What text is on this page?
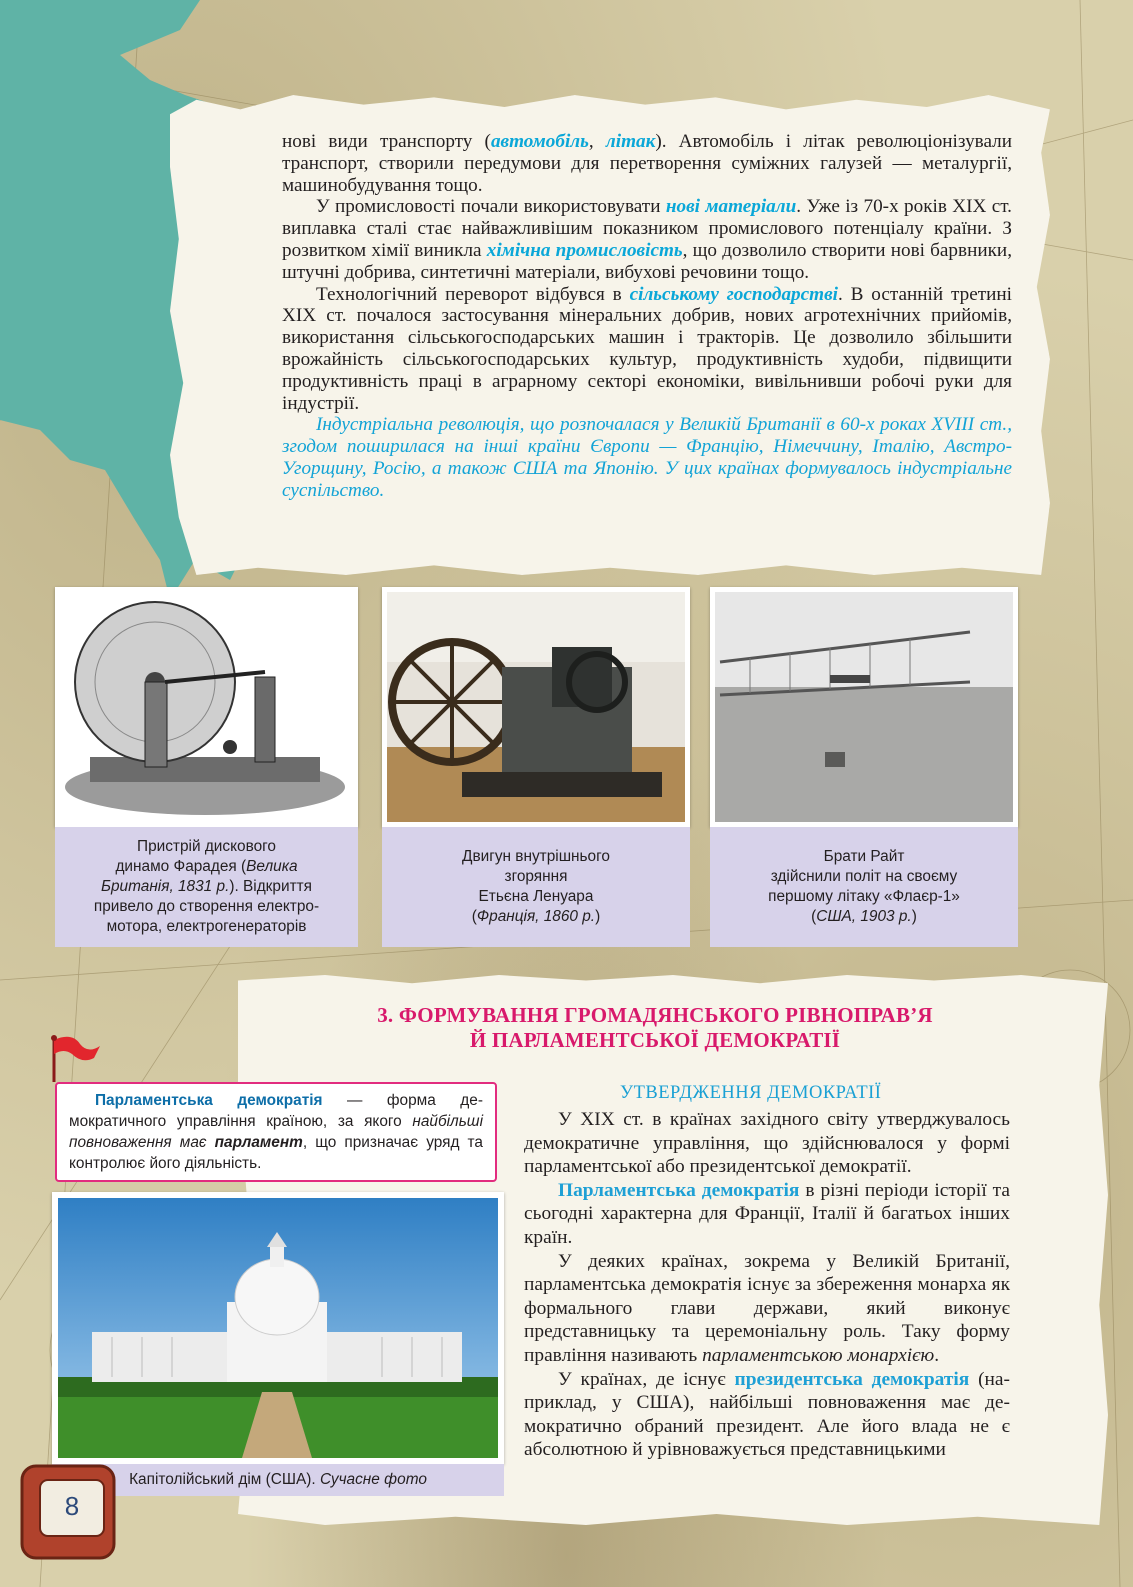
нові види транспорту (автомобіль, літак). Автомобіль і літак революціонізували транспорт, створили передумови для перетворення суміжних галузей — металургії, машинобудування тощо.

У промисловості почали використовувати нові матеріали. Уже із 70-х років XIX ст. виплавка сталі стає найважливішим показником промислового потенціалу країни. З розвитком хімії виникла хімічна промисловість, що дозволило створити нові барвники, штучні добрива, синтетичні матеріали, вибухові речовини тощо.

Технологічний переворот відбувся в сільському господарстві. В останній третині XIX ст. почалося застосування мінеральних добрив, нових агротехнічних прийомів, використання сільськогосподарських машин і тракторів. Це дозволило збільшити врожайність сільськогосподарських культур, продуктивність худоби, підвищити продуктивність праці в аграрному секторі економіки, вивільнивши робочі руки для індустрії.

Індустріальна революція, що розпочалася у Великій Британії в 60-х роках XVIII ст., згодом поширилася на інші країни Європи — Францію, Німеччину, Італію, Австро-Угорщину, Росію, а також США та Японію. У цих країнах формувалось індустріальне суспільство.

Пристрій дискового
динамо Фарадея (Велика
Британія, 1831 р.). Відкриття
привело до створення електро-
мотора, електрогенераторів
Двигун внутрішнього
згоряння
Етьєна Ленуара
(Франція, 1860 р.)
Брати Райт
здійснили політ на своєму
першому літаку «Флаєр-1»
(США, 1903 р.)
3. ФОРМУВАННЯ ГРОМАДЯНСЬКОГО РІВНОПРАВ’Я
Й ПАРЛАМЕНТСЬКОЇ ДЕМОКРАТІЇ

Парламентська демократія — форма демократичного управління країною, за якого найбільші повноваження має парламент, що призначає уряд та контролює його діяльність.

Капітолійський дім (США).
Сучасне фото
УТВЕРДЖЕННЯ ДЕМОКРАТІЇ

У XIX ст. в країнах західного світу утверджувалось демократичне управління, що здійснювалося у формі парламентської або президентської демократії.

Парламентська демократія в різні періоди історії та сьогодні характерна для Франції, Італії й багатьох інших країн.

У деяких країнах, зокрема у Великій Британії, парламентська демократія існує за збереження монарха як формального глави держави, який виконує представницьку та церемоніальну роль. Таку форму правління називають парламентською монархією.

У країнах, де існує президентська демократія (наприклад, у США), найбільші повноваження має демократично обраний президент. Але його влада не є абсолютною й урівноважується представницькими

8
